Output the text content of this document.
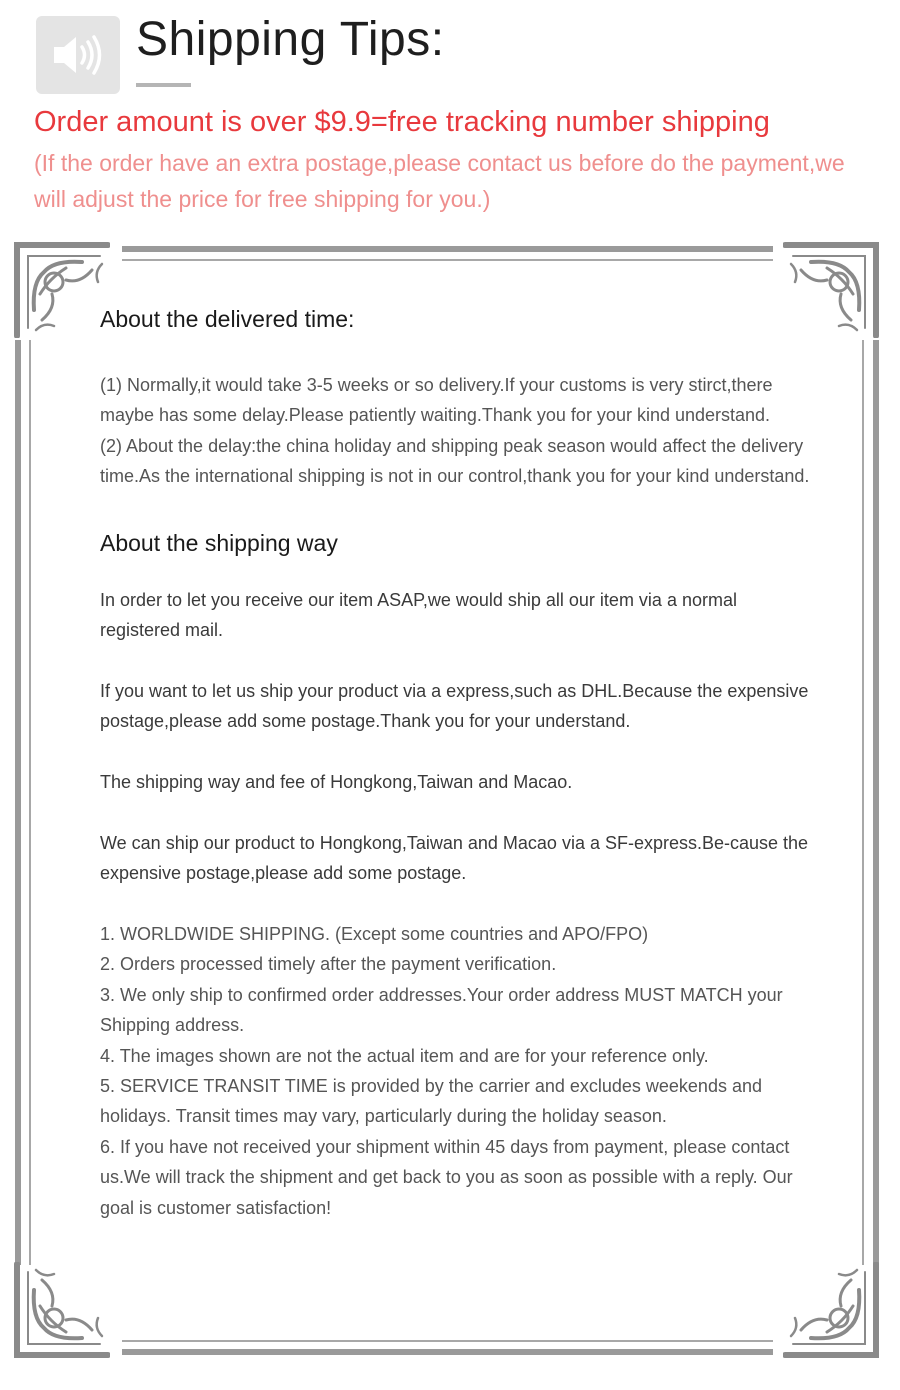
Shipping Tips:
Order amount is over $9.9=free tracking number shipping
(If the order have an extra postage,please contact us before do the payment,we will adjust the price for free shipping for you.)
About the delivered time:

(1) Normally,it would take 3-5 weeks or so delivery.If your customs is very stirct,there maybe has some delay.Please patiently waiting.Thank you for your kind understand.

(2) About the delay:the china holiday and shipping peak season would affect the delivery time.As the international shipping is not in our control,thank you for your kind understand.

About the shipping way

In order to let you receive our item ASAP,we would ship all our item via a normal registered mail.

If you want to let us ship your product via a express,such as DHL.Because the expensive postage,please add some postage.Thank you for your understand.

The shipping way and fee of Hongkong,Taiwan and Macao.

We can ship our product to Hongkong,Taiwan and Macao via a SF-express.Be-cause the expensive postage,please add some postage.

1. WORLDWIDE SHIPPING. (Except some countries and APO/FPO)

2. Orders processed timely after the payment verification.

3. We only ship to confirmed order addresses.Your order address MUST MATCH your Shipping address.

4. The images shown are not the actual item and are for your reference only.

5. SERVICE TRANSIT TIME is provided by the carrier and excludes weekends and holidays. Transit times may vary, particularly during the holiday season.

6. If you have not received your shipment within 45 days from payment, please contact us.We will track the shipment and get back to you as soon as possible with a reply. Our goal is customer satisfaction!
